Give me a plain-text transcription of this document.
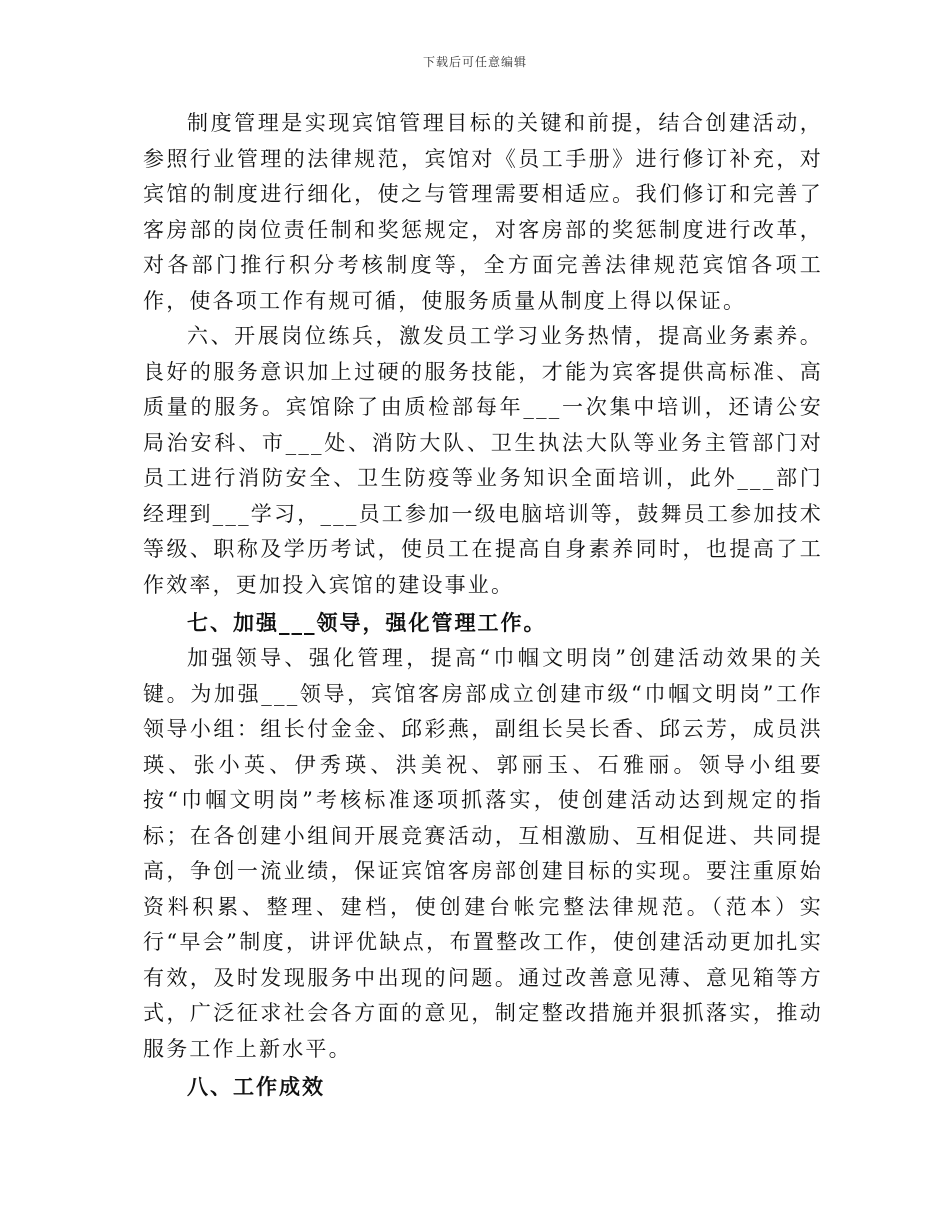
下载后可任意编辑

制度管理是实现宾馆管理目标的关键和前提，结合创建活动，参照行业管理的法律规范，宾馆对《员工手册》进行修订补充，对宾馆的制度进行细化，使之与管理需要相适应。我们修订和完善了客房部的岗位责任制和奖惩规定，对客房部的奖惩制度进行改革，对各部门推行积分考核制度等，全方面完善法律规范宾馆各项工作，使各项工作有规可循，使服务质量从制度上得以保证。

六、开展岗位练兵，激发员工学习业务热情，提高业务素养。良好的服务意识加上过硬的服务技能，才能为宾客提供高标准、高质量的服务。宾馆除了由质检部每年___一次集中培训，还请公安局治安科、市___处、消防大队、卫生执法大队等业务主管部门对员工进行消防安全、卫生防疫等业务知识全面培训，此外___部门经理到___学习，___员工参加一级电脑培训等，鼓舞员工参加技术等级、职称及学历考试，使员工在提高自身素养同时，也提高了工作效率，更加投入宾馆的建设事业。

七、加强___领导，强化管理工作。

加强领导、强化管理，提高“巾帼文明岗”创建活动效果的关键。为加强___领导，宾馆客房部成立创建市级“巾帼文明岗”工作领导小组：组长付金金、邱彩燕，副组长吴长香、邱云芳，成员洪瑛、张小英、伊秀瑛、洪美祝、郭丽玉、石雅丽。领导小组要按“巾帼文明岗”考核标准逐项抓落实，使创建活动达到规定的指标；在各创建小组间开展竞赛活动，互相激励、互相促进、共同提高，争创一流业绩，保证宾馆客房部创建目标的实现。要注重原始资料积累、整理、建档，使创建台帐完整法律规范。（范本）实行“早会”制度，讲评优缺点，布置整改工作，使创建活动更加扎实有效，及时发现服务中出现的问题。通过改善意见薄、意见箱等方式，广泛征求社会各方面的意见，制定整改措施并狠抓落实，推动服务工作上新水平。

八、工作成效
